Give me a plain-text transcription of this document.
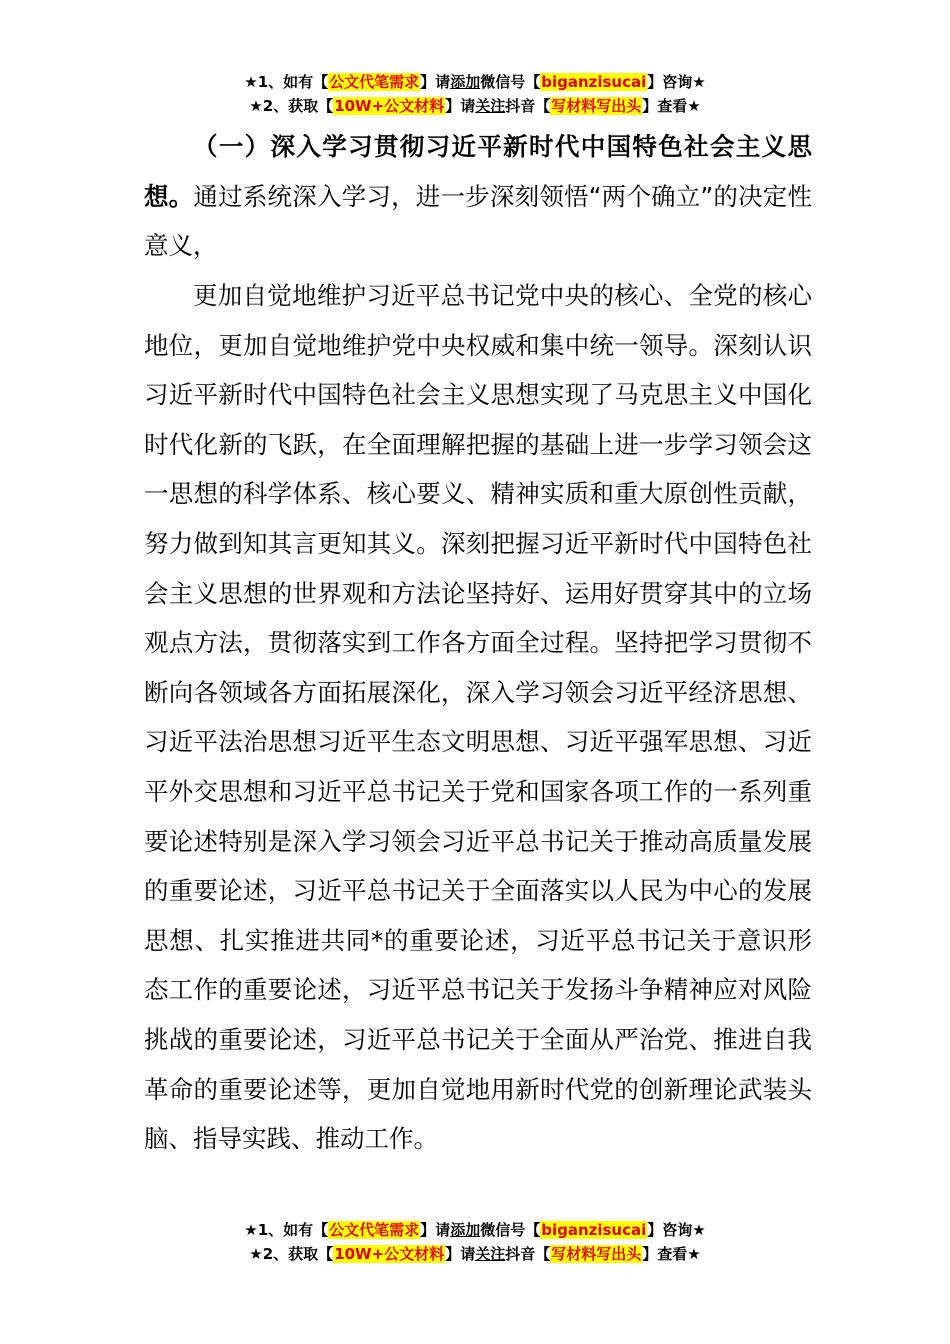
★1、如有【公文代笔需求】请添加微信号【biganzisucai】咨询★
★2、获取【10W+公文材料】请关注抖音【写材料写出头】查看★

（一）深入学习贯彻习近平新时代中国特色社会主义思想。通过系统深入学习，进一步深刻领悟“两个确立”的决定性意义，

更加自觉地维护习近平总书记党中央的核心、全党的核心地位，更加自觉地维护党中央权威和集中统一领导。深刻认识习近平新时代中国特色社会主义思想实现了马克思主义中国化时代化新的飞跃，在全面理解把握的基础上进一步学习领会这一思想的科学体系、核心要义、精神实质和重大原创性贡献，努力做到知其言更知其义。深刻把握习近平新时代中国特色社会主义思想的世界观和方法论坚持好、运用好贯穿其中的立场观点方法，贯彻落实到工作各方面全过程。坚持把学习贯彻不断向各领域各方面拓展深化，深入学习领会习近平经济思想、习近平法治思想习近平生态文明思想、习近平强军思想、习近平外交思想和习近平总书记关于党和国家各项工作的一系列重要论述特别是深入学习领会习近平总书记关于推动高质量发展的重要论述，习近平总书记关于全面落实以人民为中心的发展思想、扎实推进共同*的重要论述，习近平总书记关于意识形态工作的重要论述，习近平总书记关于发扬斗争精神应对风险挑战的重要论述，习近平总书记关于全面从严治党、推进自我革命的重要论述等，更加自觉地用新时代党的创新理论武装头脑、指导实践、推动工作。

★1、如有【公文代笔需求】请添加微信号【biganzisucai】咨询★
★2、获取【10W+公文材料】请关注抖音【写材料写出头】查看★
